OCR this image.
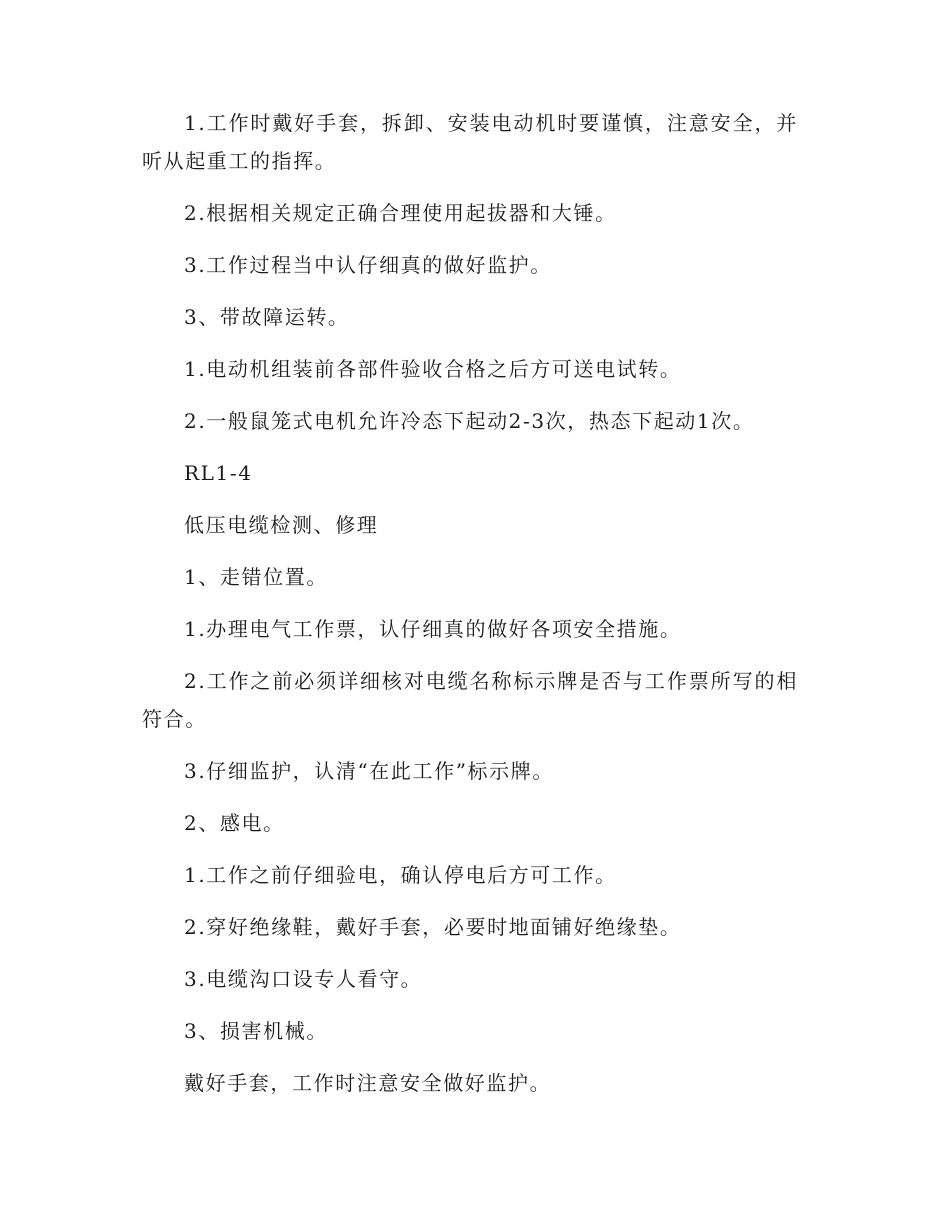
1.工作时戴好手套，拆卸、安装电动机时要谨慎，注意安全，并听从起重工的指挥。

2.根据相关规定正确合理使用起拔器和大锤。

3.工作过程当中认仔细真的做好监护。

3、带故障运转。

1.电动机组装前各部件验收合格之后方可送电试转。

2.一般鼠笼式电机允许冷态下起动2-3次，热态下起动1次。

RL1-4

低压电缆检测、修理

1、走错位置。

1.办理电气工作票，认仔细真的做好各项安全措施。

2.工作之前必须详细核对电缆名称标示牌是否与工作票所写的相符合。

3.仔细监护，认清“在此工作”标示牌。

2、感电。

1.工作之前仔细验电，确认停电后方可工作。

2.穿好绝缘鞋，戴好手套，必要时地面铺好绝缘垫。

3.电缆沟口设专人看守。

3、损害机械。

戴好手套，工作时注意安全做好监护。
